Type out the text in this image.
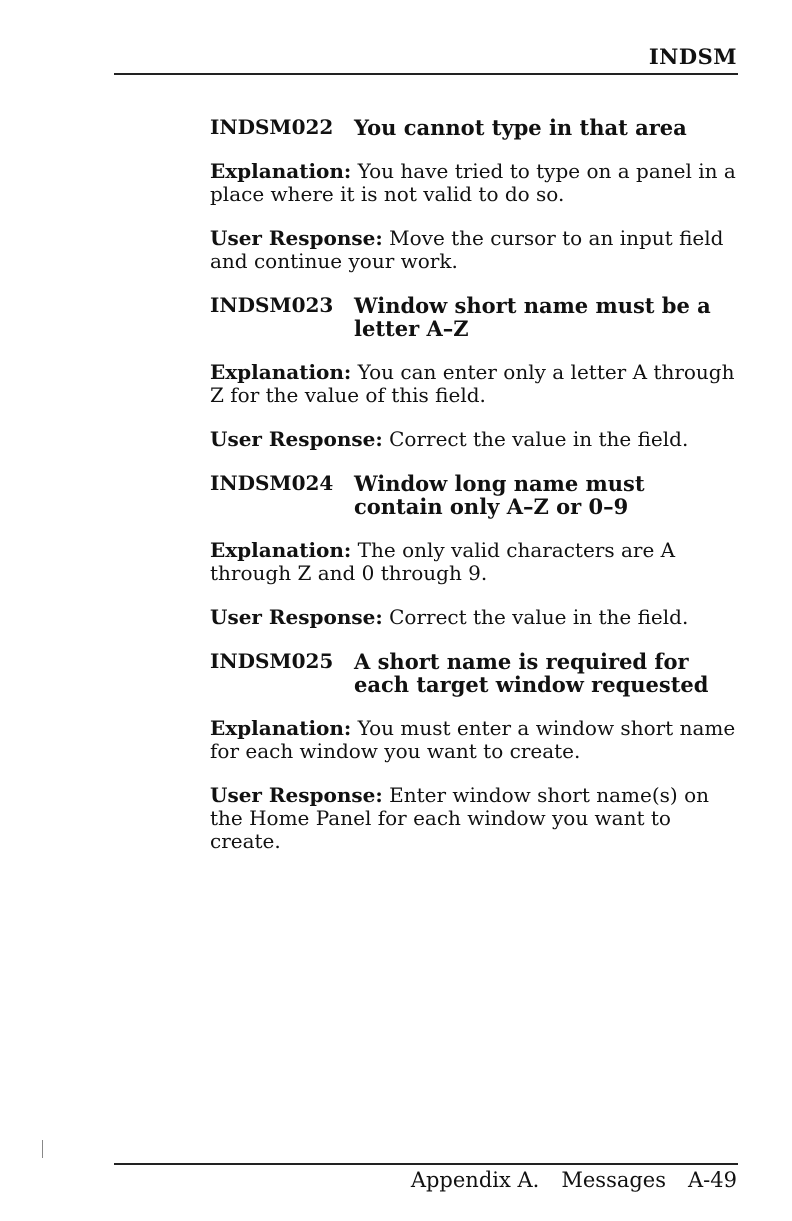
INDSM
INDSM022 You cannot type in that area

Explanation: You have tried to type on a panel in a place where it is not valid to do so.

User Response: Move the cursor to an input field and continue your work.

INDSM023 Window short name must be a letter A–Z

Explanation: You can enter only a letter A through Z for the value of this field.

User Response: Correct the value in the field.

INDSM024 Window long name must contain only A–Z or 0–9

Explanation: The only valid characters are A through Z and 0 through 9.

User Response: Correct the value in the field.

INDSM025 A short name is required for each target window requested

Explanation: You must enter a window short name for each window you want to create.

User Response: Enter window short name(s) on the Home Panel for each window you want to create.

Appendix A. Messages A-49
